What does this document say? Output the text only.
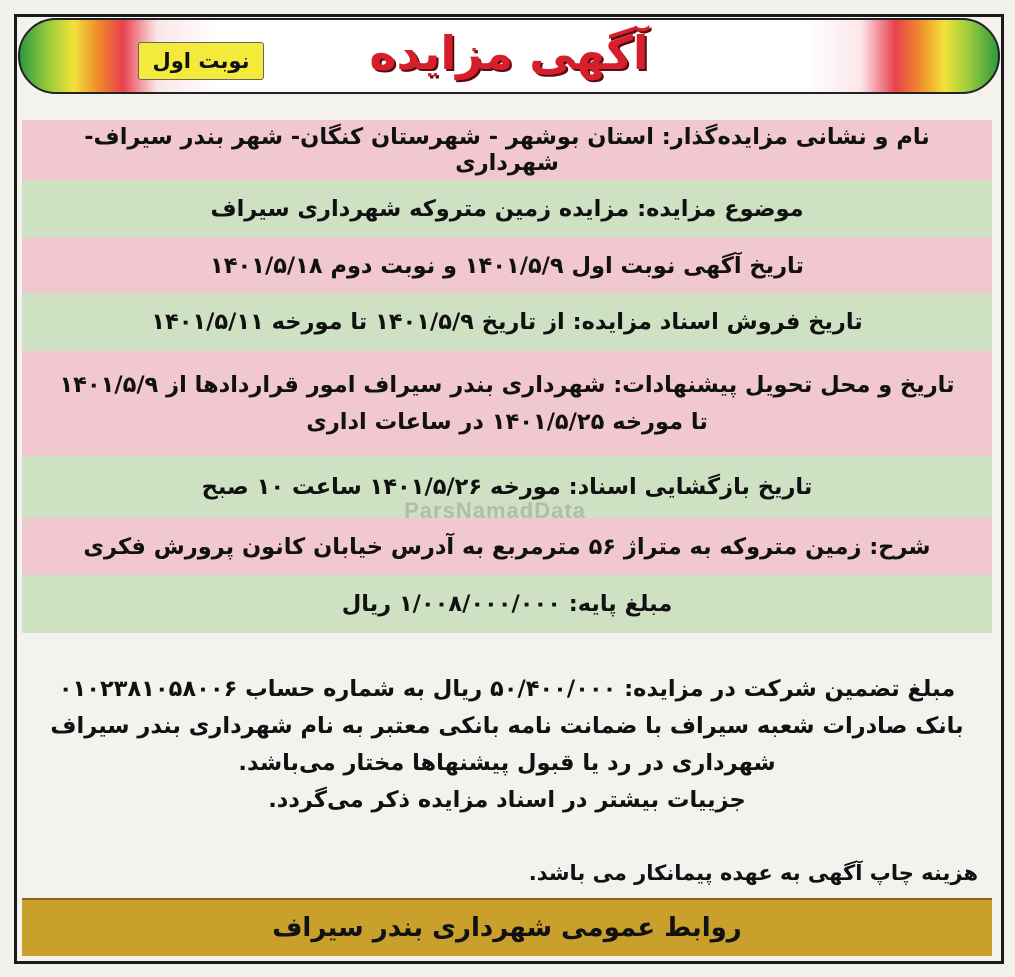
آگهی مزایده
نوبت اول
نام و نشانی مزایده‌گذار: استان بوشهر - شهرستان کنگان- شهر بندر سیراف- شهرداری
موضوع مزایده: مزایده زمین متروکه شهرداری سیراف
تاریخ آگهی نوبت اول ۱۴۰۱/۵/۹ و نوبت دوم ۱۴۰۱/۵/۱۸
تاریخ فروش اسناد مزایده: از تاریخ ۱۴۰۱/۵/۹ تا مورخه ۱۴۰۱/۵/۱۱
تاریخ و محل تحویل پیشنهادات: شهرداری بندر سیراف امور قراردادها از ۱۴۰۱/۵/۹
تا مورخه ۱۴۰۱/۵/۲۵ در ساعات اداری
تاریخ بازگشایی اسناد: مورخه ۱۴۰۱/۵/۲۶ ساعت ۱۰ صبح
شرح: زمین متروکه به متراژ ۵۶ مترمربع به آدرس خیابان کانون پرورش فکری
مبلغ پایه: ۱/۰۰۸/۰۰۰/۰۰۰ ریال
مبلغ تضمین شرکت در مزایده: ۵۰/۴۰۰/۰۰۰ ریال به شماره حساب ۰۱۰۲۳۸۱۰۵۸۰۰۶
بانک صادرات شعبه سیراف با ضمانت نامه بانکی معتبر به نام شهرداری بندر سیراف
شهرداری در رد یا قبول پیشنهاها مختار می‌باشد.
جزییات بیشتر در اسناد مزایده ذکر می‌گردد.
ParsNamadData
هزینه چاپ آگهی به عهده پیمانکار می باشد.
روابط عمومی شهرداری بندر سیراف
